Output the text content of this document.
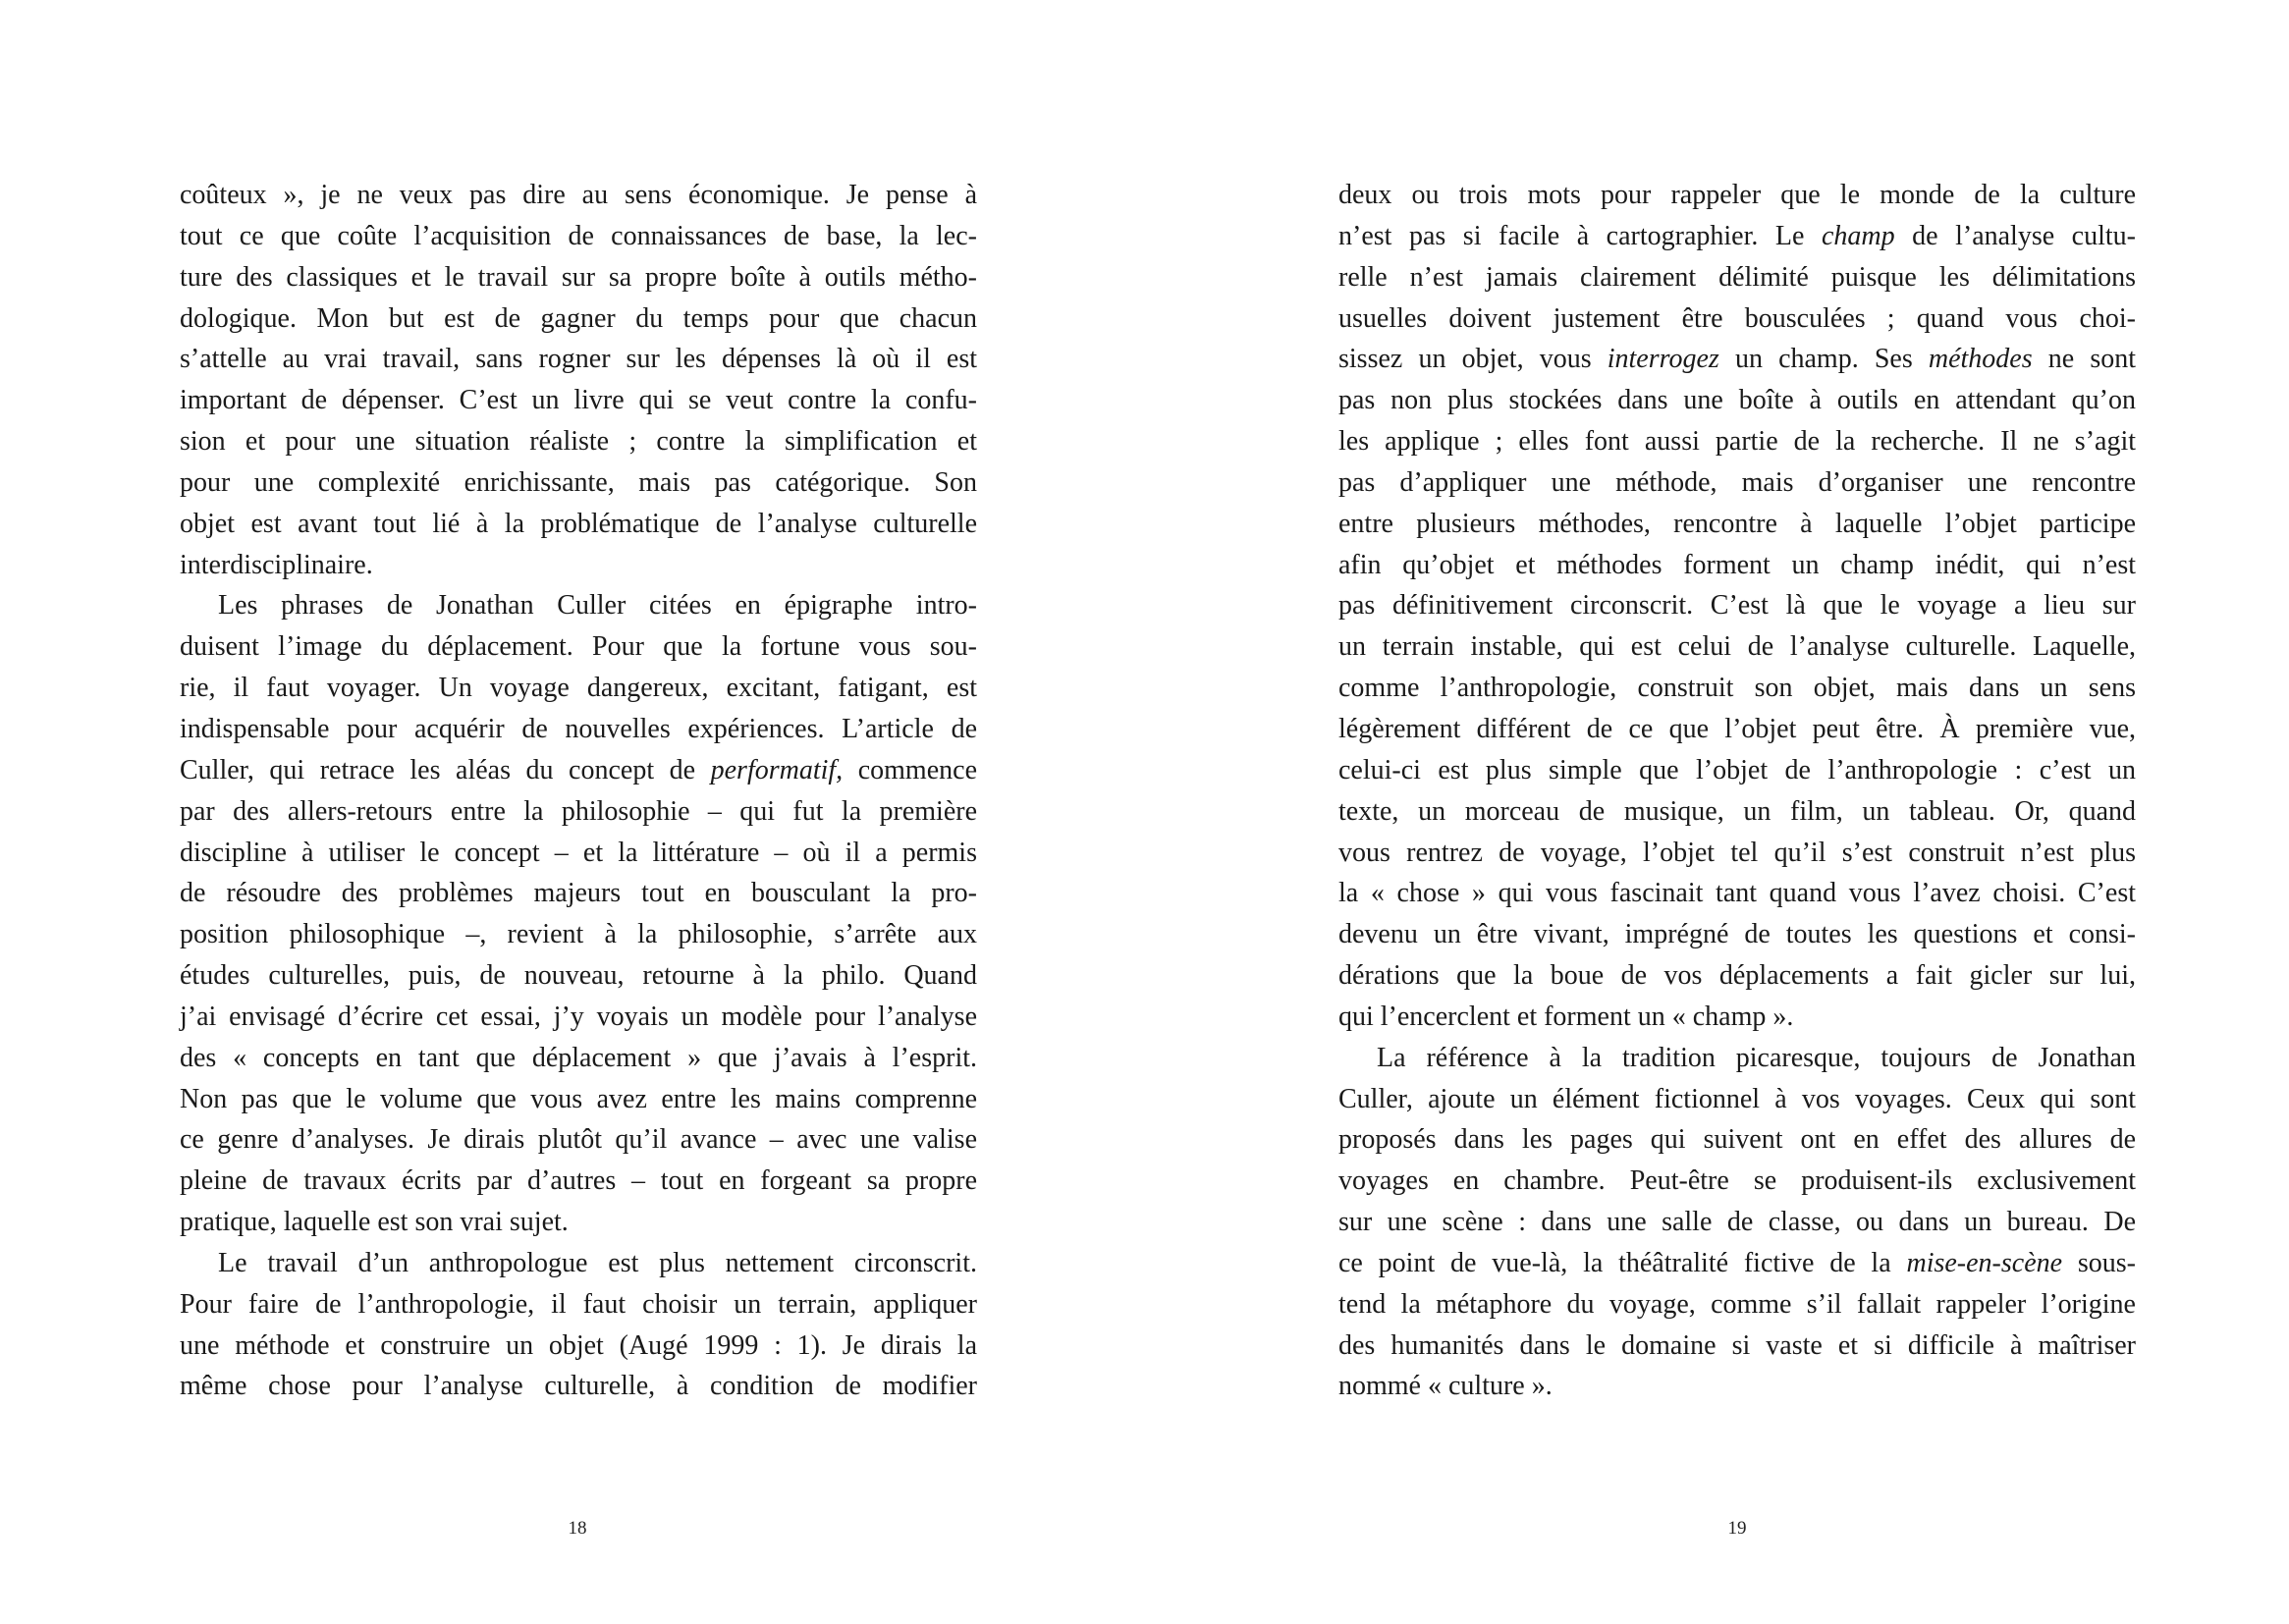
coûteux », je ne veux pas dire au sens économique. Je pense à
tout ce que coûte l’acquisition de connaissances de base, la lec-
ture des classiques et le travail sur sa propre boîte à outils métho-
dologique. Mon but est de gagner du temps pour que chacun
s’attelle au vrai travail, sans rogner sur les dépenses là où il est
important de dépenser. C’est un livre qui se veut contre la confu-
sion et pour une situation réaliste ; contre la simplification et
pour une complexité enrichissante, mais pas catégorique. Son
objet est avant tout lié à la problématique de l’analyse culturelle
interdisciplinaire.
Les phrases de Jonathan Culler citées en épigraphe intro-
duisent l’image du déplacement. Pour que la fortune vous sou-
rie, il faut voyager. Un voyage dangereux, excitant, fatigant, est
indispensable pour acquérir de nouvelles expériences. L’article de
Culler, qui retrace les aléas du concept de performatif, commence
par des allers-retours entre la philosophie – qui fut la première
discipline à utiliser le concept – et la littérature – où il a permis
de résoudre des problèmes majeurs tout en bousculant la pro-
position philosophique –, revient à la philosophie, s’arrête aux
études culturelles, puis, de nouveau, retourne à la philo. Quand
j’ai envisagé d’écrire cet essai, j’y voyais un modèle pour l’analyse
des « concepts en tant que déplacement » que j’avais à l’esprit.
Non pas que le volume que vous avez entre les mains comprenne
ce genre d’analyses. Je dirais plutôt qu’il avance – avec une valise
pleine de travaux écrits par d’autres – tout en forgeant sa propre
pratique, laquelle est son vrai sujet.
Le travail d’un anthropologue est plus nettement circonscrit.
Pour faire de l’anthropologie, il faut choisir un terrain, appliquer
une méthode et construire un objet (Augé 1999 : 1). Je dirais la
même chose pour l’analyse culturelle, à condition de modifier
18
deux ou trois mots pour rappeler que le monde de la culture
n’est pas si facile à cartographier. Le champ de l’analyse cultu-
relle n’est jamais clairement délimité puisque les délimitations
usuelles doivent justement être bousculées ; quand vous choi-
sissez un objet, vous interrogez un champ. Ses méthodes ne sont
pas non plus stockées dans une boîte à outils en attendant qu’on
les applique ; elles font aussi partie de la recherche. Il ne s’agit
pas d’appliquer une méthode, mais d’organiser une rencontre
entre plusieurs méthodes, rencontre à laquelle l’objet participe
afin qu’objet et méthodes forment un champ inédit, qui n’est
pas définitivement circonscrit. C’est là que le voyage a lieu sur
un terrain instable, qui est celui de l’analyse culturelle. Laquelle,
comme l’anthropologie, construit son objet, mais dans un sens
légèrement différent de ce que l’objet peut être. À première vue,
celui-ci est plus simple que l’objet de l’anthropologie : c’est un
texte, un morceau de musique, un film, un tableau. Or, quand
vous rentrez de voyage, l’objet tel qu’il s’est construit n’est plus
la « chose » qui vous fascinait tant quand vous l’avez choisi. C’est
devenu un être vivant, imprégné de toutes les questions et consi-
dérations que la boue de vos déplacements a fait gicler sur lui,
qui l’encerclent et forment un « champ ».
La référence à la tradition picaresque, toujours de Jonathan
Culler, ajoute un élément fictionnel à vos voyages. Ceux qui sont
proposés dans les pages qui suivent ont en effet des allures de
voyages en chambre. Peut-être se produisent-ils exclusivement
sur une scène : dans une salle de classe, ou dans un bureau. De
ce point de vue-là, la théâtralité fictive de la mise-en-scène sous-
tend la métaphore du voyage, comme s’il fallait rappeler l’origine
des humanités dans le domaine si vaste et si difficile à maîtriser
nommé « culture ».
19
